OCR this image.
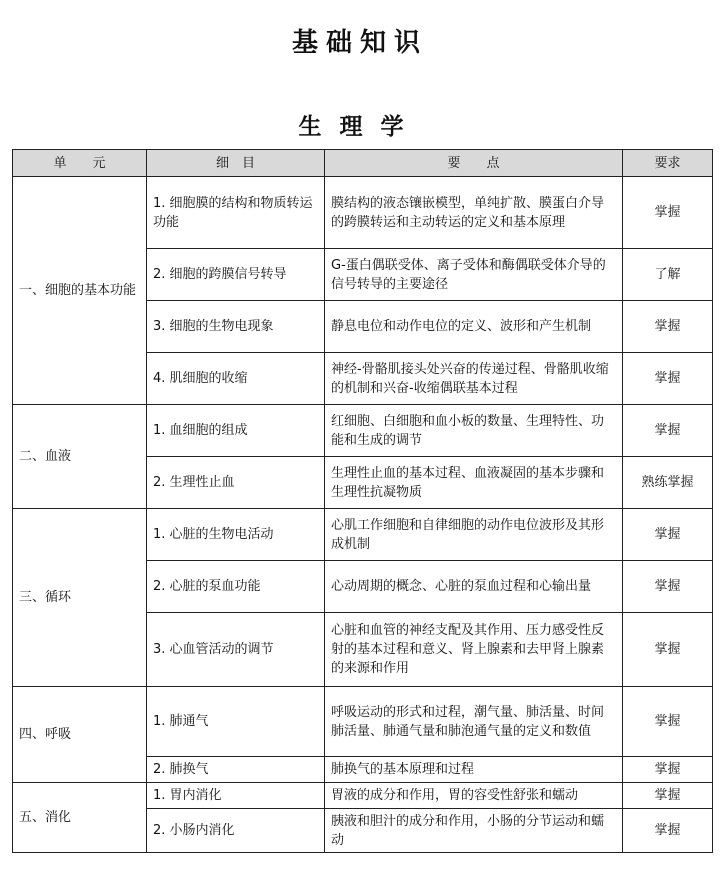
基础知识
生理学
单　　元	细　目	要　　点	要求
一、细胞的基本功能	1. 细胞膜的结构和物质转运功能	膜结构的液态镶嵌模型，单纯扩散、膜蛋白介导的跨膜转运和主动转运的定义和基本原理	掌握
	2. 细胞的跨膜信号转导	G-蛋白偶联受体、离子受体和酶偶联受体介导的信号转导的主要途径	了解
	3. 细胞的生物电现象	静息电位和动作电位的定义、波形和产生机制	掌握
	4. 肌细胞的收缩	神经-骨骼肌接头处兴奋的传递过程、骨骼肌收缩的机制和兴奋-收缩偶联基本过程	掌握
二、血液	1. 血细胞的组成	红细胞、白细胞和血小板的数量、生理特性、功能和生成的调节	掌握
	2. 生理性止血	生理性止血的基本过程、血液凝固的基本步骤和生理性抗凝物质	熟练掌握
三、循环	1. 心脏的生物电活动	心肌工作细胞和自律细胞的动作电位波形及其形成机制	掌握
	2. 心脏的泵血功能	心动周期的概念、心脏的泵血过程和心输出量	掌握
	3. 心血管活动的调节	心脏和血管的神经支配及其作用、压力感受性反射的基本过程和意义、肾上腺素和去甲肾上腺素的来源和作用	掌握
四、呼吸	1. 肺通气	呼吸运动的形式和过程，潮气量、肺活量、时间肺活量、肺通气量和肺泡通气量的定义和数值	掌握
	2. 肺换气	肺换气的基本原理和过程	掌握
五、消化	1. 胃内消化	胃液的成分和作用，胃的容受性舒张和蠕动	掌握
	2. 小肠内消化	胰液和胆汁的成分和作用，小肠的分节运动和蠕动	掌握
